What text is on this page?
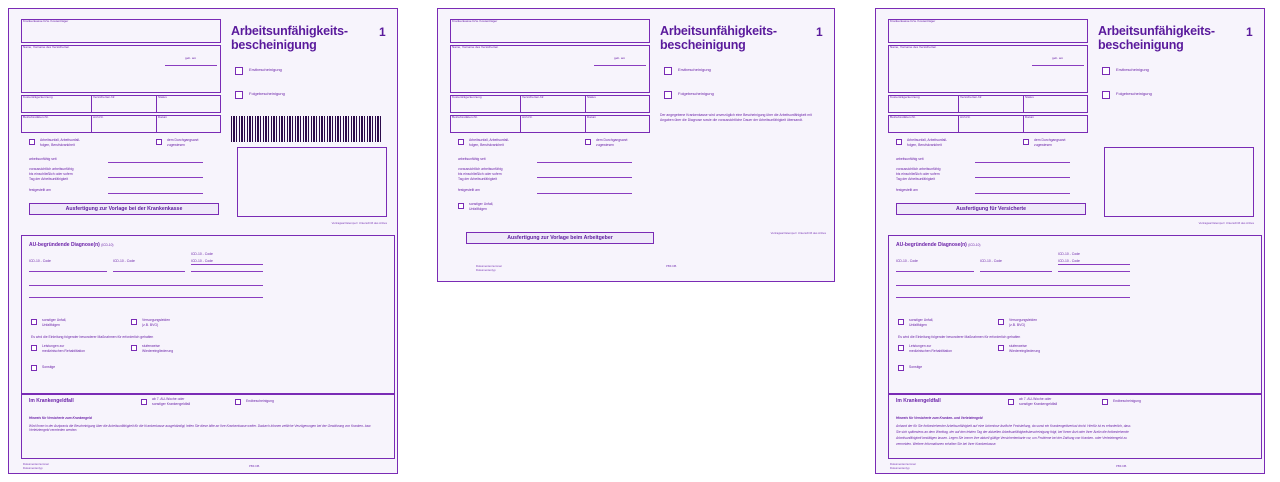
Krankenkasse bzw. Kostenträger
Name, Vorname des Versicherten
geb. am
Kostenträgerkennung	Versicherten-Nr.	Status
Betriebsstätten-Nr.	Arzt-Nr.	Datum
Arbeitsunfähigkeits-
bescheinigung
1
Erstbescheinigung
Folgebescheinigung
Arbeitsunfall, Arbeitsunfall-
folgen, Berufskrankheit
dem Durchgangsarzt
zugewiesen
arbeitsunfähig seit
voraussichtlich arbeitsunfähig
bis einschließlich oder sofern
Tag der Arbeitsunfähigkeit
festgestellt am
Vertragsarztstempel / Unterschrift des Arztes
Ausfertigung zur Vorlage bei der Krankenkasse
AU-begründende Diagnose(n) (ICD-10)
ICD-10 - Code	ICD-10 - Code
ICD-10 - Code
ICD-10 - Code
sonstiger Unfall,
Unfallfolgen
Versorgungsleiden
(z.B. BVG)
Es wird die Einleitung folgender besonderer Maßnahmen für erforderlich gehalten
Leistungen zur
medizinischen Rehabilitation
stufenweise
Wiedereingliederung
Sonstige
Im Krankengeldfall	ab 7. AU-Woche oder
sonstiger Krankengeldfall
Endbescheinigung
Hinweis für Versicherte zum Krankengeld
Wird Ihnen in der Arztpraxis die Bescheinigung über die Arbeitsunfähigkeit für die Krankenkasse ausgehändigt, leiten Sie diese bitte an Ihre Krankenkasse weiter. Dadurch können zeitliche Verzögerungen bei der Gewährung von Kranken- bzw. Verletztengeld vermieden werden.
Dokumentennummer
Dokumententyp	PBF-NB.
Krankenkasse bzw. Kostenträger
Name, Vorname des Versicherten
geb. am
Kostenträgerkennung	Versicherten-Nr.	Status
Betriebsstätten-Nr.	Arzt-Nr.	Datum
Arbeitsunfähigkeits-
bescheinigung
1
Erstbescheinigung
Folgebescheinigung
Der angegebene Krankenkasse wird unverzüglich eine Bescheinigung über die Arbeitsunfähigkeit mit Angaben über die Diagnose sowie die voraussichtliche Dauer der Arbeitsunfähigkeit übersandt.
Arbeitsunfall, Arbeitsunfall-
folgen, Berufskrankheit
dem Durchgangsarzt
zugewiesen
arbeitsunfähig seit
voraussichtlich arbeitsunfähig
bis einschließlich oder sofern
Tag der Arbeitsunfähigkeit
festgestellt am
sonstiger Unfall,
Unfallfolgen
Vertragsarztstempel / Unterschrift des Arztes
Ausfertigung zur Vorlage beim Arbeitgeber
Dokumentennummer
Dokumententyp
PBF-NB.
Krankenkasse bzw. Kostenträger
Name, Vorname des Versicherten
geb. am
Kostenträgerkennung	Versicherten-Nr.	Status
Betriebsstätten-Nr.	Arzt-Nr.	Datum
Arbeitsunfähigkeits-
bescheinigung
1
Erstbescheinigung
Folgebescheinigung
Arbeitsunfall, Arbeitsunfall-
folgen, Berufskrankheit
dem Durchgangsarzt
zugewiesen
arbeitsunfähig seit
voraussichtlich arbeitsunfähig
bis einschließlich oder sofern
Tag der Arbeitsunfähigkeit
festgestellt am
Vertragsarztstempel / Unterschrift des Arztes
Ausfertigung für Versicherte
AU-begründende Diagnose(n) (ICD-10)
ICD-10 - Code	ICD-10 - Code
ICD-10 - Code
ICD-10 - Code
sonstiger Unfall,
Unfallfolgen
Versorgungsleiden
(z.B. BVG)
Es wird die Einleitung folgender besonderer Maßnahmen für erforderlich gehalten
Leistungen zur
medizinischen Rehabilitation
stufenweise
Wiedereingliederung
Sonstige
Im Krankengeldfall	ab 7. AU-Woche oder
sonstiger Krankengeldfall
Endbescheinigung
Hinweis für Versicherte zum Kranken- und Verletztengeld
Anhand der für Sie fortbestehender Arbeitsunfähigkeit auf eine ückenlose ärztliche Feststellung, da sonst ein Krankengeldverlust droht. Hierfür ist es erforderlich, dass
Sie sich spätestens an dem Werktag, der auf den letzten Tag der aktuellen Arbeitsunfähigkeitsbescheinigung folgt, bei Ihrem Arzt oder Ihrer Ärztin die fortbestehende
Arbeitsunfähigkeit bestätigen lassen. Legen Sie immer Ihre aktuell gültige Versichertenkarte vor, um Probleme bei der Zahlung von Kranken- oder Verletztengeld zu
vermeiden. Weitere Informationen erhalten Sie bei Ihrer Krankenkasse.
Dokumentennummer
Dokumententyp	PBF-NB.
